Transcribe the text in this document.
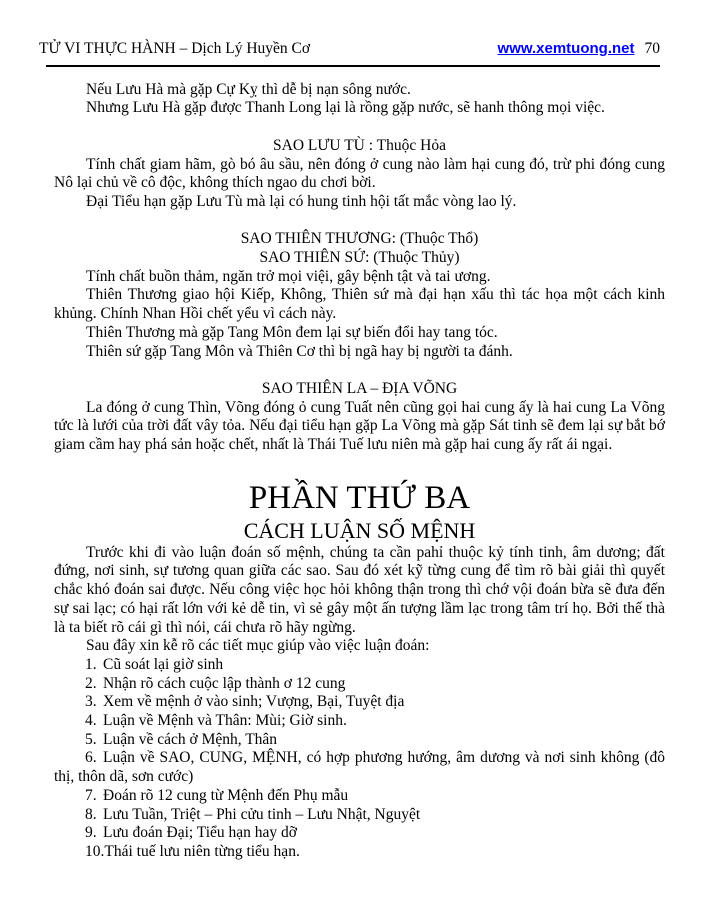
TỬ VI THỰC HÀNH – Dịch Lý Huyền Cơ	www.xemtuong.net 70

Nếu Lưu Hà mà gặp Cự Kỵ thì dễ bị nạn sông nước.

Nhưng Lưu Hà gặp được Thanh Long lại là rồng gặp nước, sẽ hanh thông mọi việc.

SAO LƯU TÙ : Thuộc Hỏa

Tính chất giam hãm, gò bó âu sầu, nên đóng ở cung nào làm hại cung đó, trừ phi đóng cung Nô lại chủ về cô độc, không thích ngao du chơi bời.

Đại Tiểu hạn gặp Lưu Tù mà lại có hung tinh hội tất mắc vòng lao lý.

SAO THIÊN THƯƠNG: (Thuộc Thổ)

SAO THIÊN SỨ: (Thuộc Thủy)

Tính chất buồn thảm, ngăn trở mọi việi, gây bệnh tật và tai ương.

Thiên Thương giao hội Kiếp, Không, Thiên sứ mà đại hạn xấu thì tác họa một cách kinh khủng. Chính Nhan Hồi chết yểu vì cách này.

Thiên Thương mà gặp Tang Môn đem lại sự biến đổi hay tang tóc.

Thiên sứ gặp Tang Môn và Thiên Cơ thì bị ngã hay bị người ta đánh.

SAO THIÊN LA – ĐỊA VÕNG

La đóng ở cung Thìn, Võng đóng ỏ cung Tuất nên cũng gọi hai cung ấy là hai cung La Võng tức là lưới của trời đất vây tỏa. Nếu đại tiểu hạn gặp La Võng mà gặp Sát tinh sẽ đem lại sự bắt bớ giam cầm hay phá sản hoặc chết, nhất là Thái Tuế lưu niên mà gặp hai cung ấy rất ái ngại.

PHẦN THỨ BA

CÁCH LUẬN SỐ MỆNH

Trước khi đi vào luận đoán số mệnh, chúng ta cần pahỉ thuộc kỷ tính tinh, âm dương; đất đứng, nơi sinh, sự tương quan giữa các sao. Sau đó xét kỹ từng cung để tìm rõ bài giải thì quyết chắc khó đoán sai được. Nếu công việc học hỏi không thận trong thì chớ vội đoán bừa sẽ đưa đến sự sai lạc; có hại rất lớn với kẻ dễ tin, vì sẻ gây một ấn tượng lầm lạc trong tâm trí họ. Bởi thế thà là ta biết rõ cái gì thì nói, cái chưa rõ hãy ngừng.

Sau đây xin kễ rõ các tiết mục giúp vào việc luận đoán:

1. Cũ soát lại giờ sinh

2. Nhận rõ cách cuộc lập thành ơ 12 cung

3. Xem về mệnh ở vào sinh; Vượng, Bại, Tuyệt địa

4. Luận về Mệnh và Thân: Mùi; Giờ sinh.

5. Luận về cách ở Mệnh, Thân

6. Luận về SAO, CUNG, MỆNH, có hợp phương hướng, âm dương và nơi sinh không (đô thị, thôn dã, sơn cước)

7. Đoán rõ 12 cung từ Mệnh đến Phụ mẫu

8. Lưu Tuần, Triệt – Phi cửu tinh – Lưu Nhật, Nguyệt

9. Lưu đoán Đại; Tiểu hạn hay dỡ

10.Thái tuế lưu niên từng tiểu hạn.
